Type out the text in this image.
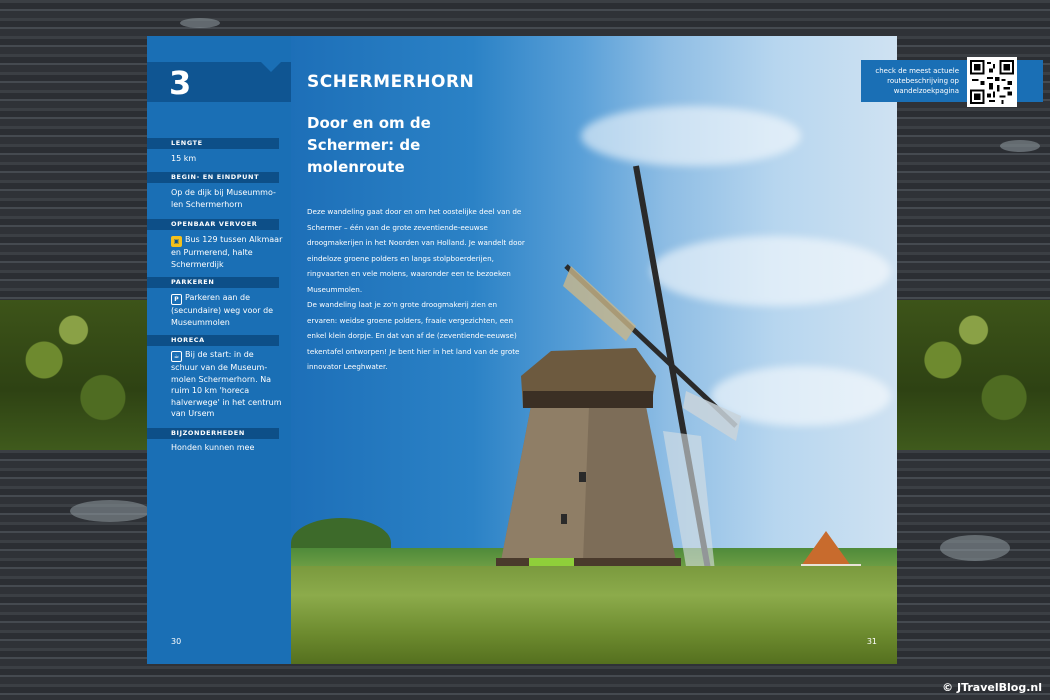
3
LENGTE
15 km
BEGIN- EN EINDPUNT
Op de dijk bij Museummo-len Schermerhorn
OPENBAAR VERVOER
▣ Bus 129 tussen Alkmaar en Purmerend, halte Schermerdijk
PARKEREN
P Parkeren aan de (secundaire) weg voor de Museummolen
HORECA
☕ Bij de start: in de schuur van de Museum-molen Schermerhorn. Na ruim 10 km 'horeca halverwege' in het centrum van Ursem
BIJZONDERHEDEN
Honden kunnen mee
30
SCHERMERHORN
Door en om de Schermer: de molenroute

Deze wandeling gaat door en om het oostelijke deel van de Schermer – één van de grote zeventiende-eeuwse droogmakerijen in het Noorden van Holland. Je wandelt door eindeloze groene polders en langs stolpboerderijen, ringvaarten en vele molens, waaronder een te bezoeken Museummolen.

De wandeling laat je zo'n grote droogmakerij zien en ervaren: weidse groene polders, fraaie vergezichten, een enkel klein dorpje. En dat van af de (zeventiende-eeuwse) tekentafel ontworpen! Je bent hier in het land van de grote innovator Leeghwater.

check de meest actuele routebeschrijving op wandelzoekpagina
31
© JTravelBlog.nl
